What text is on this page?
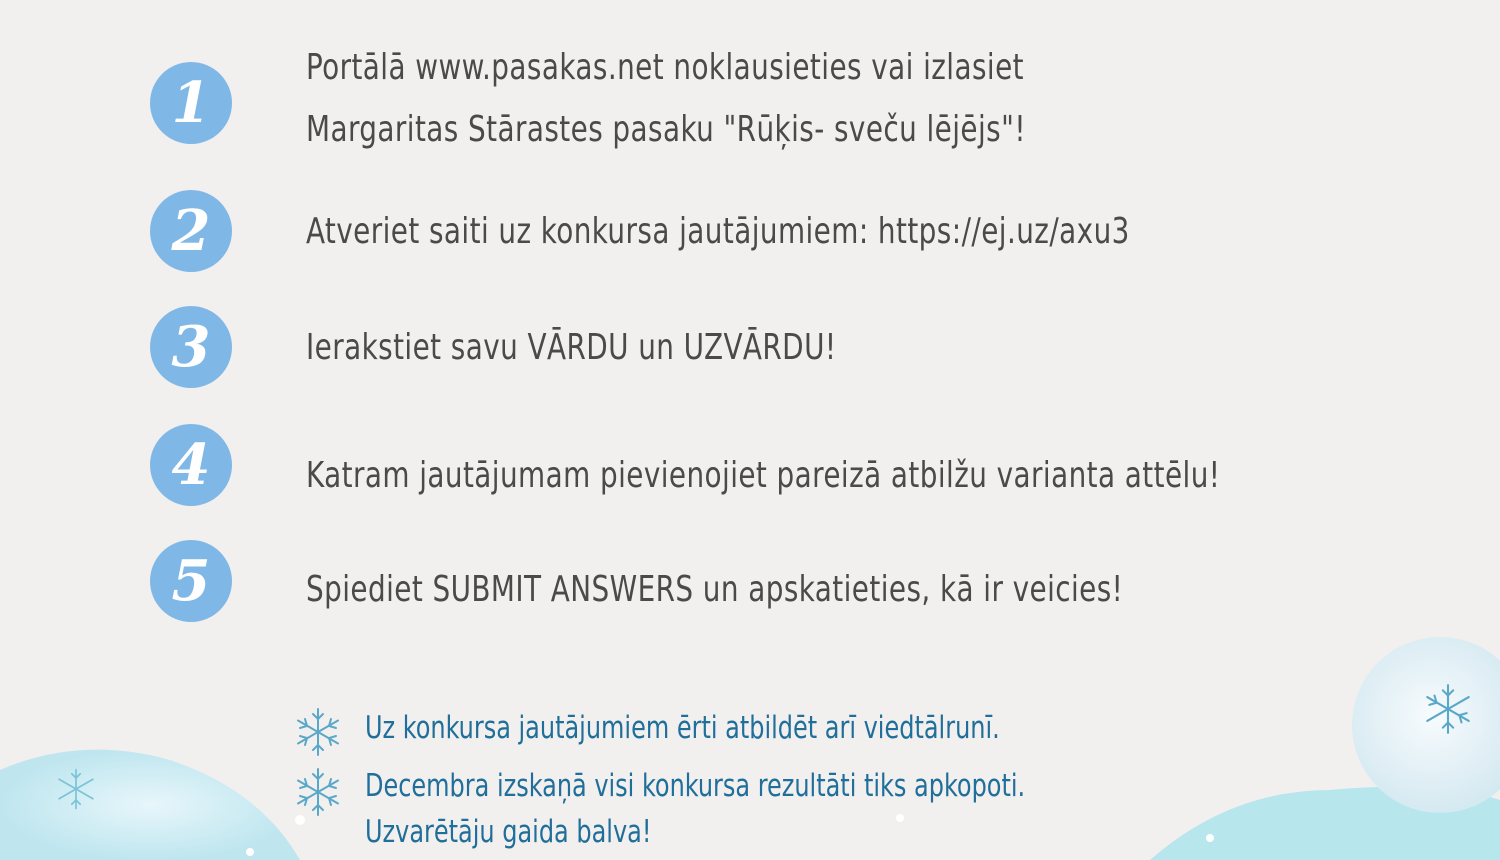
1

Portālā www.pasakas.net noklausieties vai izlasiet

Margaritas Stārastes pasaku "Rūķis- sveču lējējs"!

2	Atveriet saiti uz konkursa jautājumiem: https://ej.uz/axu3

3	Ierakstiet savu VĀRDU un UZVĀRDU!

4	Katram jautājumam pievienojiet pareizā atbilžu varianta attēlu!

5	Spiediet SUBMIT ANSWERS un apskatieties, kā ir veicies!

Uz konkursa jautājumiem ērti atbildēt arī viedtālrunī.

Decembra izskaņā visi konkursa rezultāti tiks apkopoti.

Uzvarētāju gaida balva!
